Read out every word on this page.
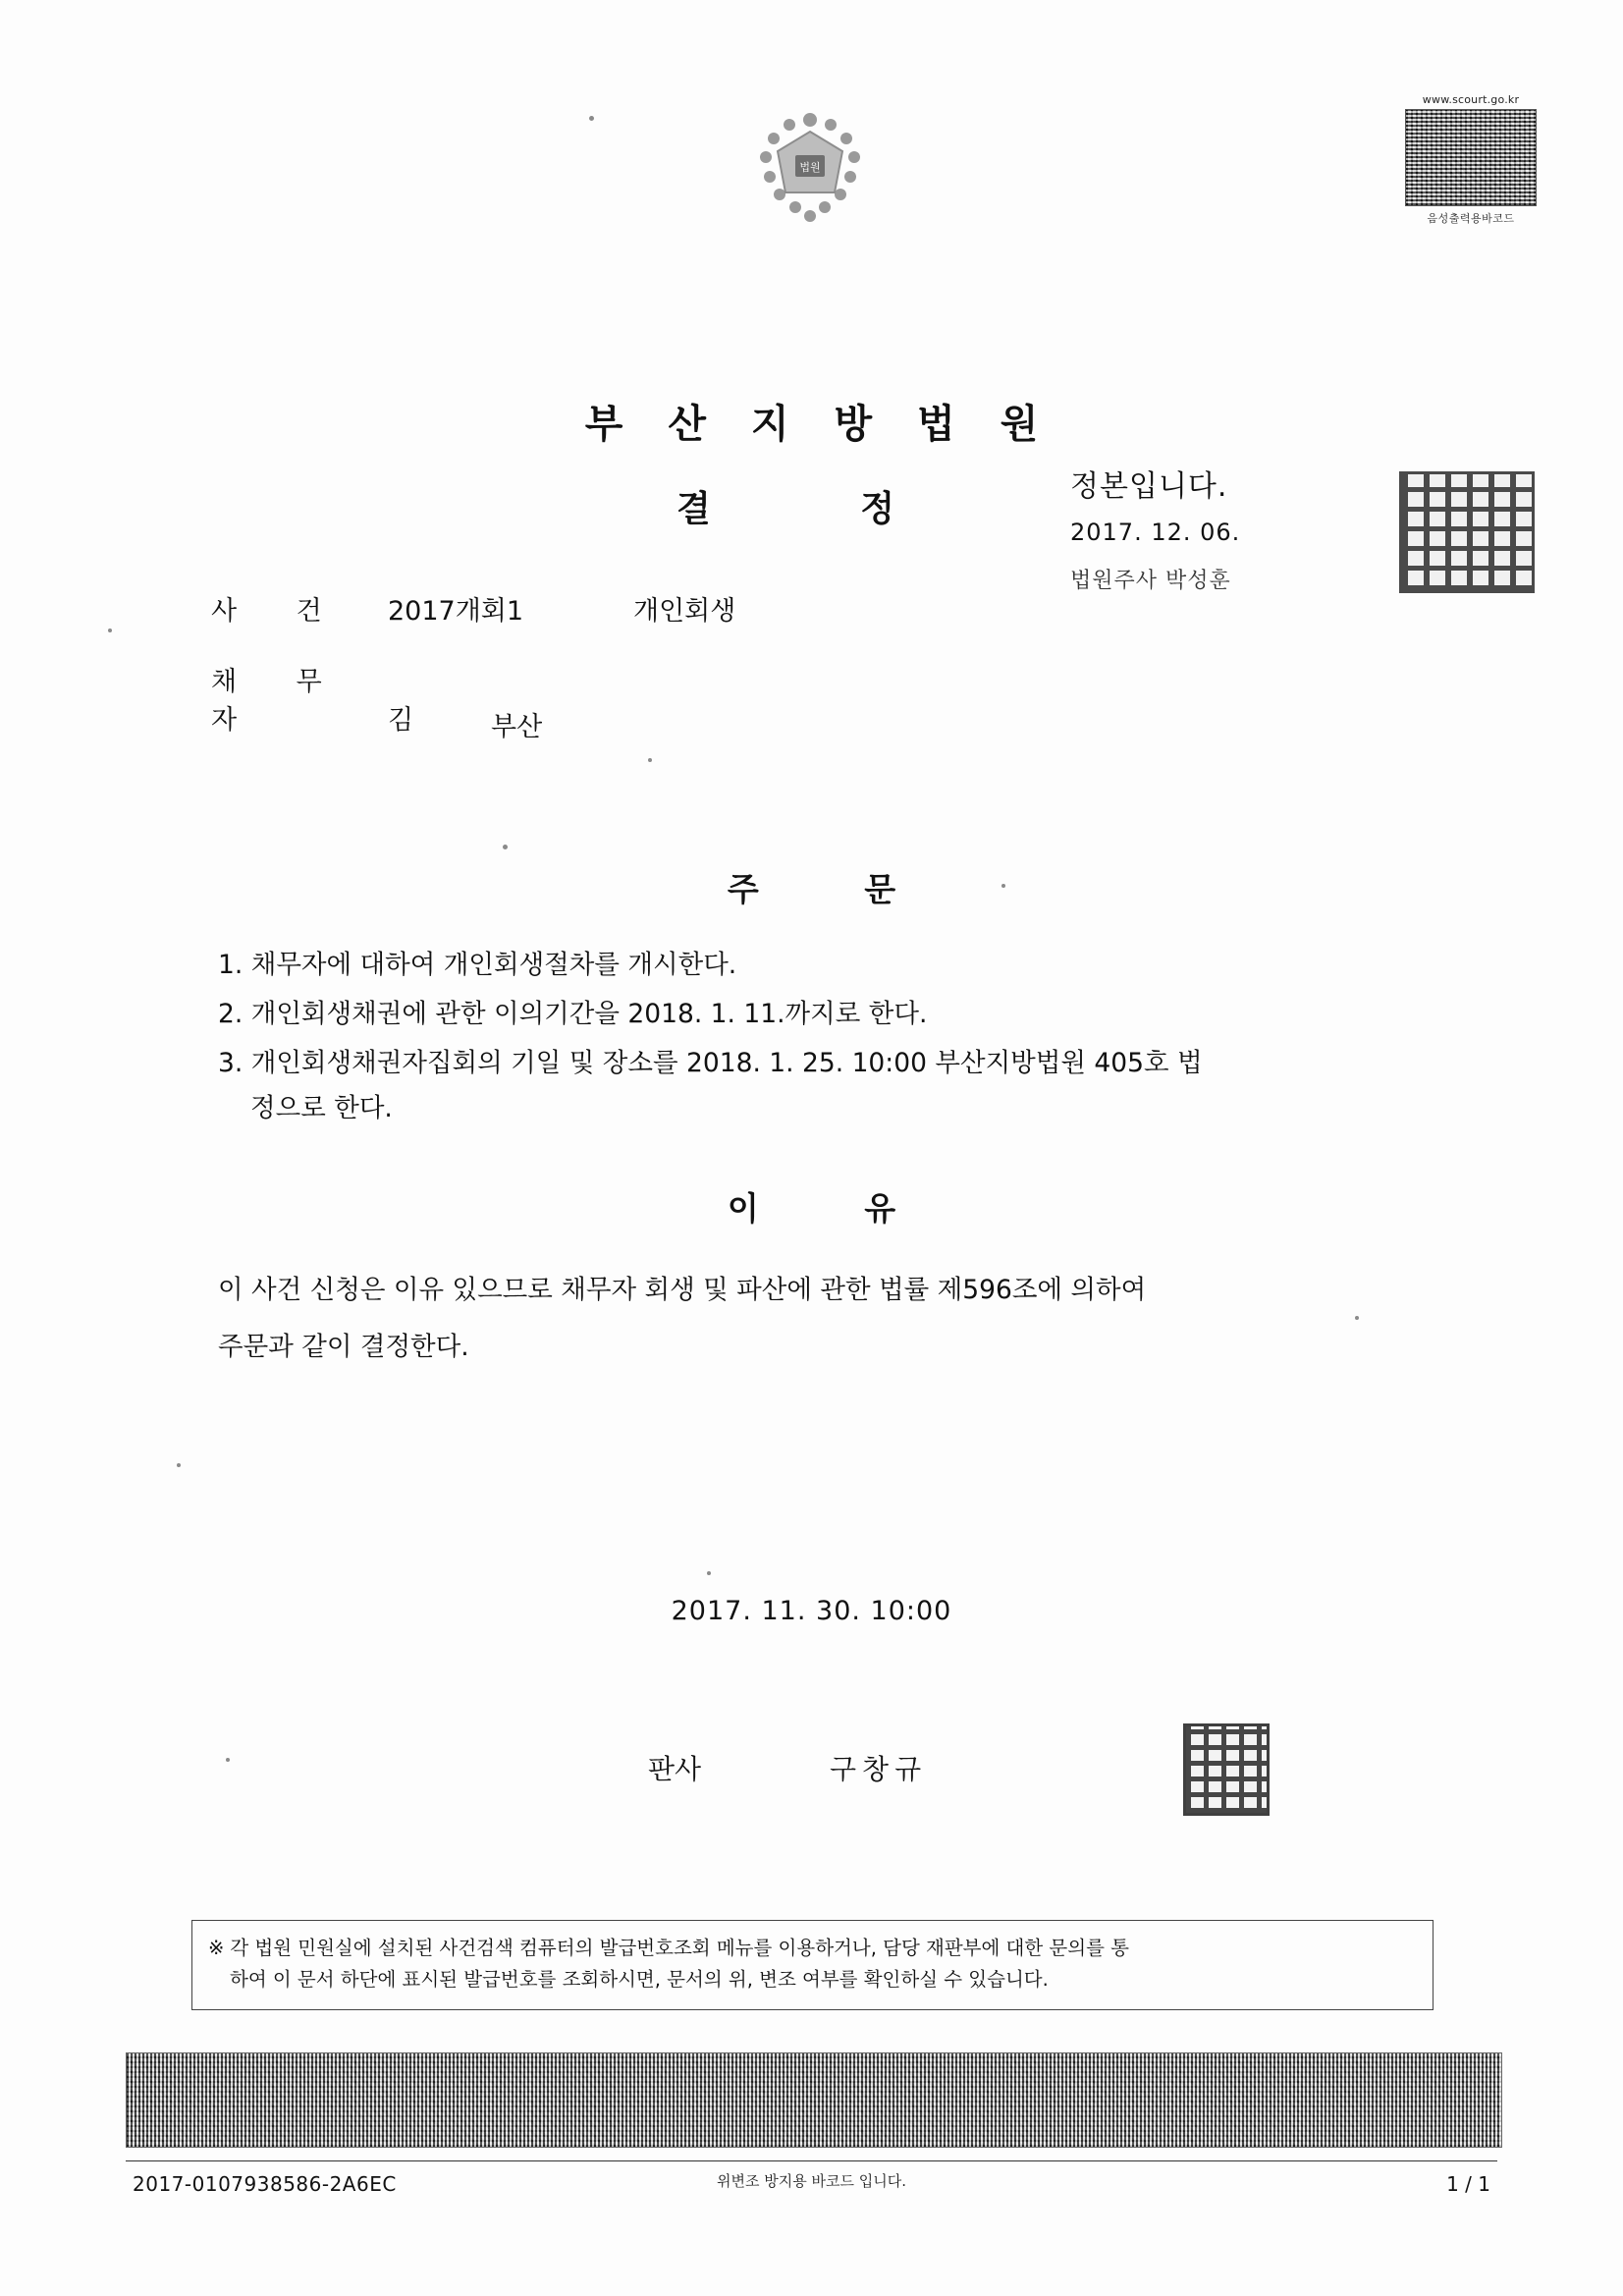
법원
www.scourt.go.kr
음성출력용바코드
부 산 지 방 법 원
결 정
정본입니다.
2017. 12. 06.
법원주사 박성훈
사 건 2017개회1	개인회생
채 무 자	김	부산
주 문
1. 채무자에 대하여 개인회생절차를 개시한다.
2. 개인회생채권에 관한 이의기간을 2018. 1. 11.까지로 한다.
3. 개인회생채권자집회의 기일 및 장소를 2018. 1. 25. 10:00 부산지방법원 405호 법
정으로 한다.
이 유
이 사건 신청은 이유 있으므로 채무자 회생 및 파산에 관한 법률 제596조에 의하여
주문과 같이 결정한다.
2017. 11. 30. 10:00
판사	구창규
※ 각 법원 민원실에 설치된 사건검색 컴퓨터의 발급번호조회 메뉴를 이용하거나, 담당 재판부에 대한 문의를 통
하여 이 문서 하단에 표시된 발급번호를 조회하시면, 문서의 위, 변조 여부를 확인하실 수 있습니다.
위변조 방지용 바코드 입니다.
2017-0107938586-2A6EC	1 / 1
